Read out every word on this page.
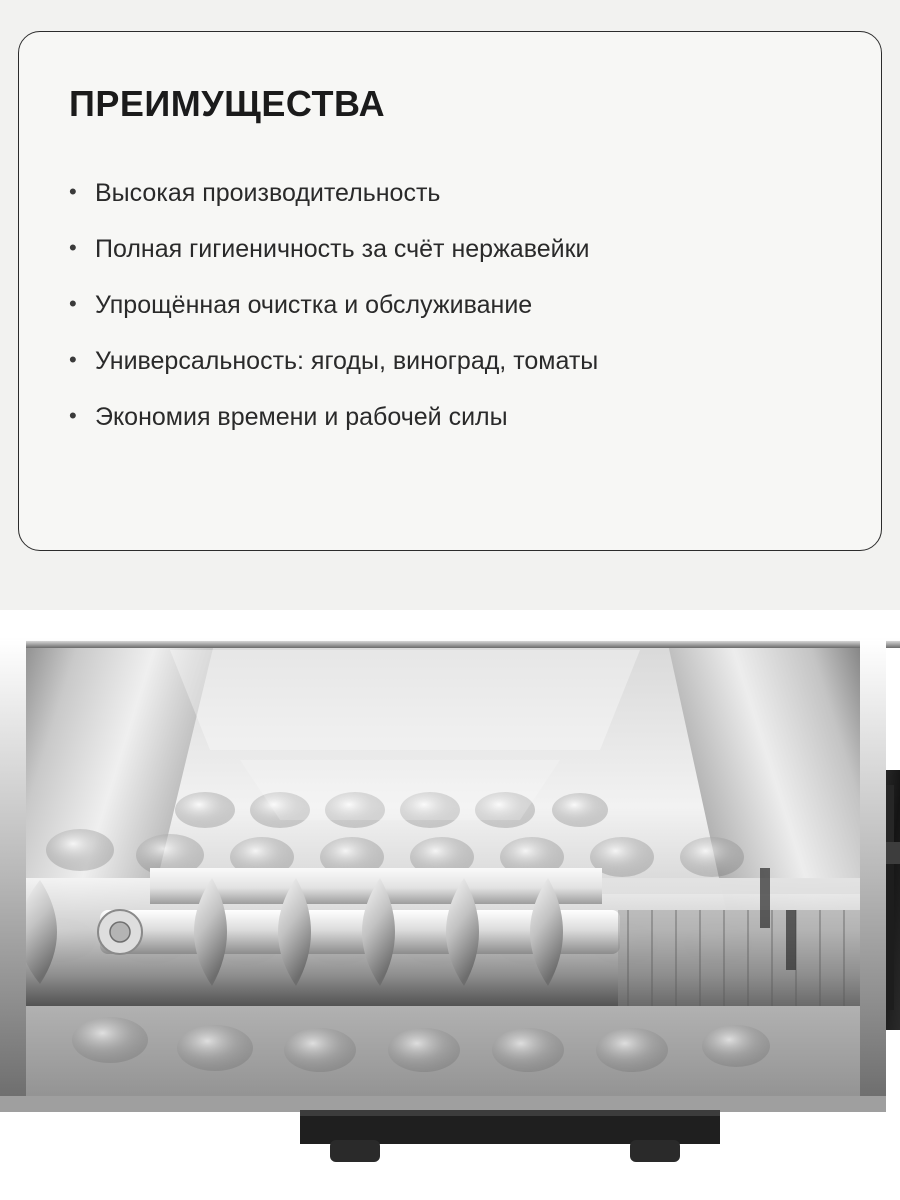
ПРЕИМУЩЕСТВА
• Высокая производительность
• Полная гигиеничность за счёт нержавейки
• Упрощённая очистка и обслуживание
• Универсальность: ягоды, виноград, томаты
• Экономия времени и рабочей силы
